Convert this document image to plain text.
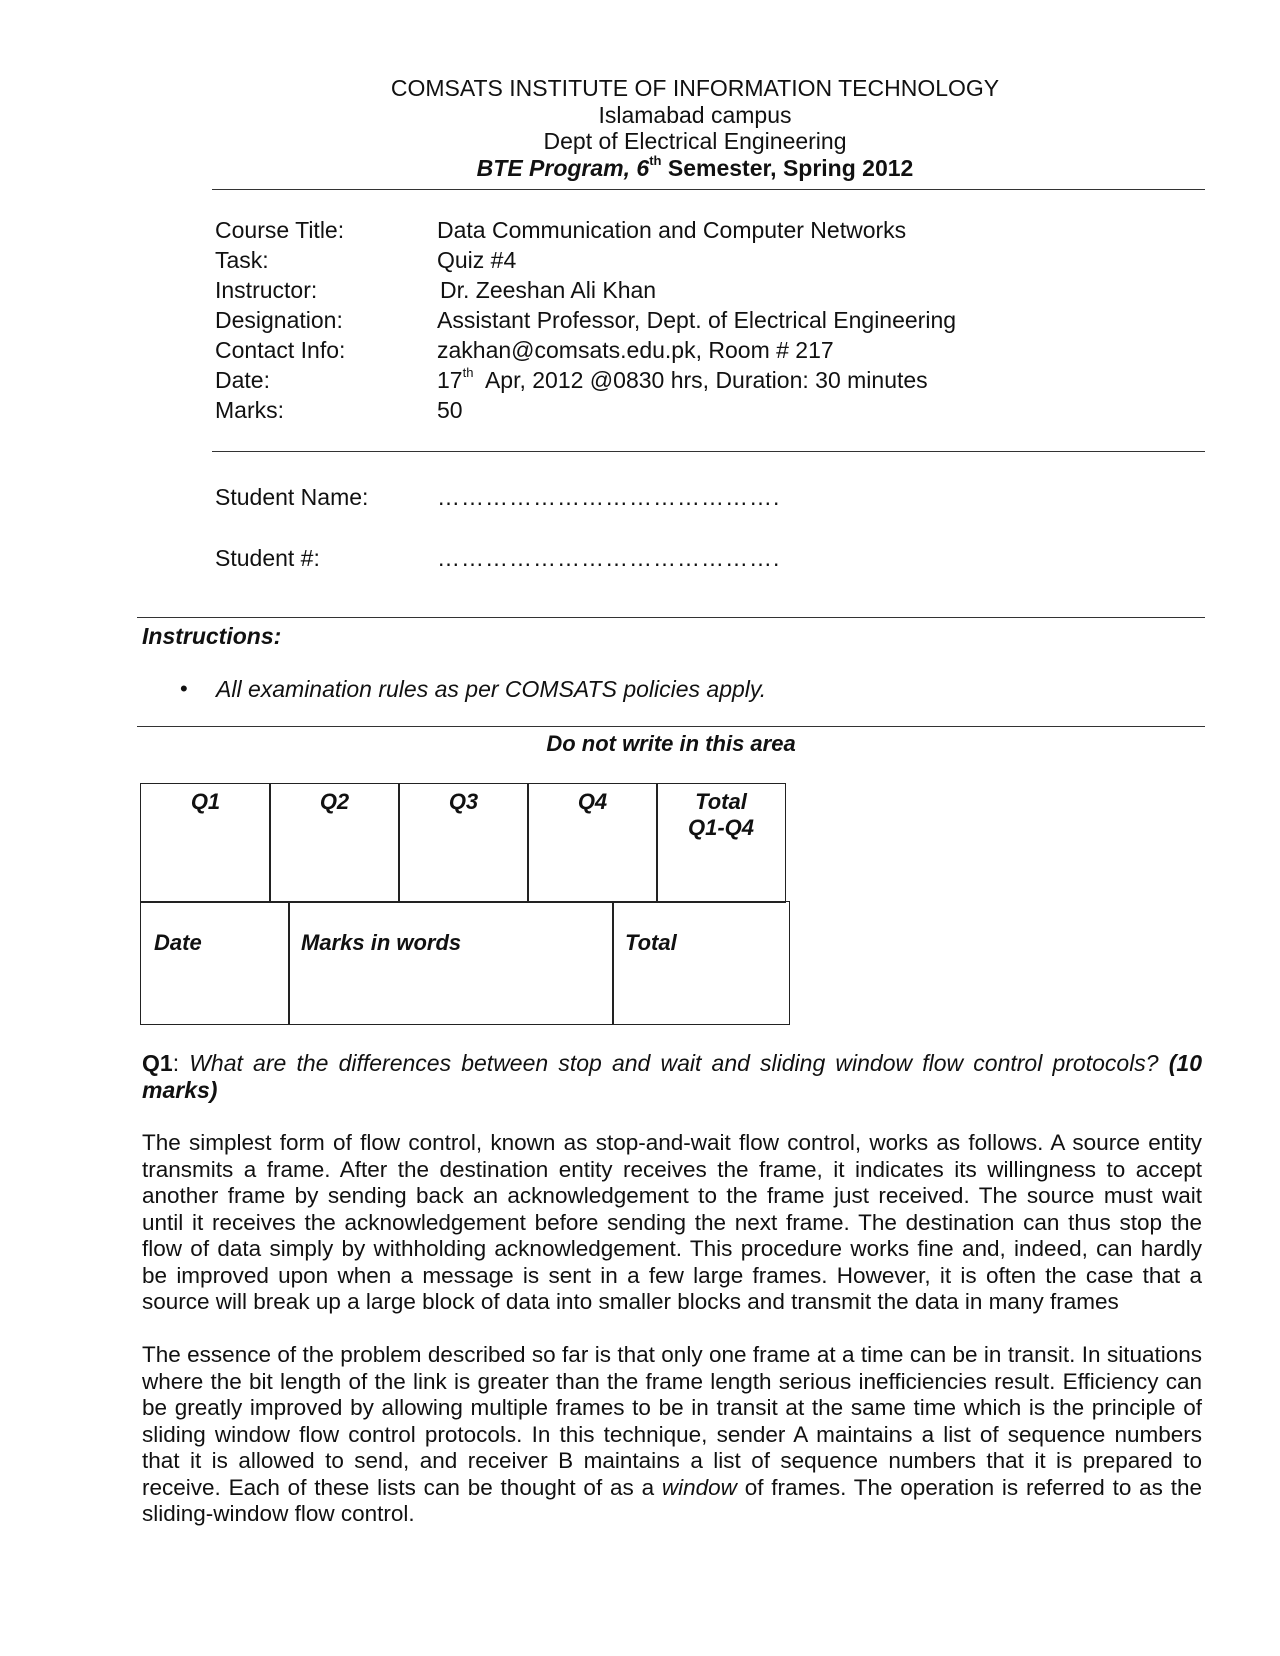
COMSATS INSTITUTE OF INFORMATION TECHNOLOGY
Islamabad campus
Dept of Electrical Engineering
BTE Program, 6th Semester, Spring 2012
Course Title:	Data Communication and Computer Networks
Task:	Quiz #4
Instructor:	Dr. Zeeshan Ali Khan
Designation:	Assistant Professor, Dept. of Electrical Engineering
Contact Info:	zakhan@comsats.edu.pk, Room # 217
Date:	17th  Apr, 2012 @0830 hrs, Duration: 30 minutes
Marks:	50
Student Name:	…………………………………….
Student #:	…………………………………….
Instructions:
• All examination rules as per COMSATS policies apply.
Do not write in this area
Q1	Q2	Q3	Q4	Total
Q1-Q4
Date	Marks in words	Total
Q1: What are the differences between stop and wait and sliding window flow control protocols? (10 marks)
The simplest form of flow control, known as stop-and-wait flow control, works as follows. A source entity transmits a frame. After the destination entity receives the frame, it indicates its willingness to accept another frame by sending back an acknowledgement to the frame just received. The source must wait until it receives the acknowledgement before sending the next frame. The destination can thus stop the flow of data simply by withholding acknowledgement. This procedure works fine and, indeed, can hardly be improved upon when a message is sent in a few large frames. However, it is often the case that a source will break up a large block of data into smaller blocks and transmit the data in many frames
The essence of the problem described so far is that only one frame at a time can be in transit. In situations where the bit length of the link is greater than the frame length serious inefficiencies result. Efficiency can be greatly improved by allowing multiple frames to be in transit at the same time which is the principle of sliding window flow control protocols. In this technique, sender A maintains a list of sequence numbers that it is allowed to send, and receiver B maintains a list of sequence numbers that it is prepared to receive. Each of these lists can be thought of as a window of frames. The operation is referred to as the sliding-window flow control.
